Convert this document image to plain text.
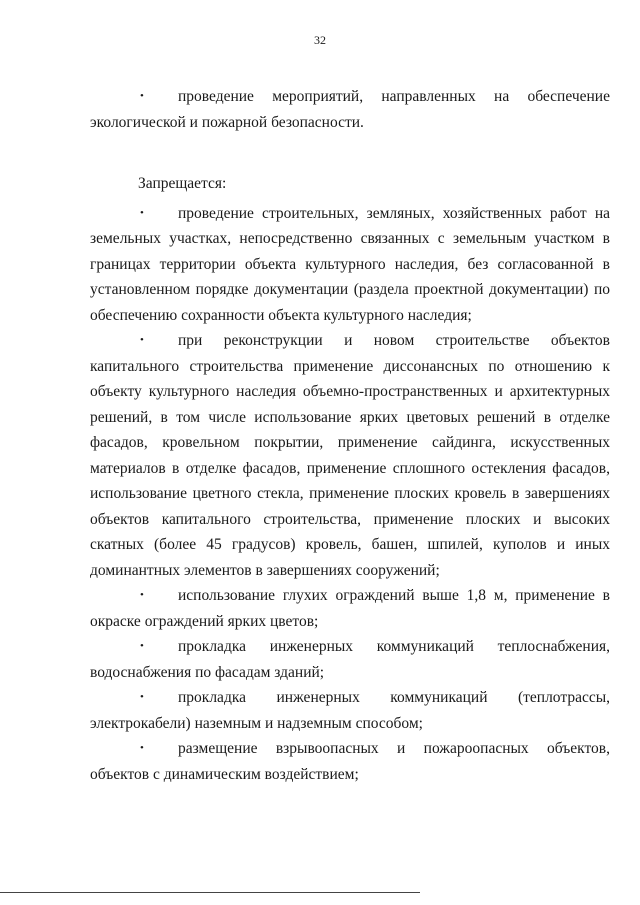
32

• проведение мероприятий, направленных на обеспечение экологической и пожарной безопасности.

Запрещается:

• проведение строительных, земляных, хозяйственных работ на земельных участках, непосредственно связанных с земельным участком в границах территории объекта культурного наследия, без согласованной в установленном порядке документации (раздела проектной документации) по обеспечению сохранности объекта культурного наследия;

• при реконструкции и новом строительстве объектов капитального строительства применение диссонансных по отношению к объекту культурного наследия объемно-пространственных и архитектурных решений, в том числе использование ярких цветовых решений в отделке фасадов, кровельном покрытии, применение сайдинга, искусственных материалов в отделке фасадов, применение сплошного остекления фасадов, использование цветного стекла, применение плоских кровель в завершениях объектов капитального строительства, применение плоских и высоких скатных (более 45 градусов) кровель, башен, шпилей, куполов и иных доминантных элементов в завершениях сооружений;

• использование глухих ограждений выше 1,8 м, применение в окраске ограждений ярких цветов;

• прокладка инженерных коммуникаций теплоснабжения, водоснабжения по фасадам зданий;

• прокладка инженерных коммуникаций (теплотрассы, электрокабели) наземным и надземным способом;

• размещение взрывоопасных и пожароопасных объектов, объектов с динамическим воздействием;
